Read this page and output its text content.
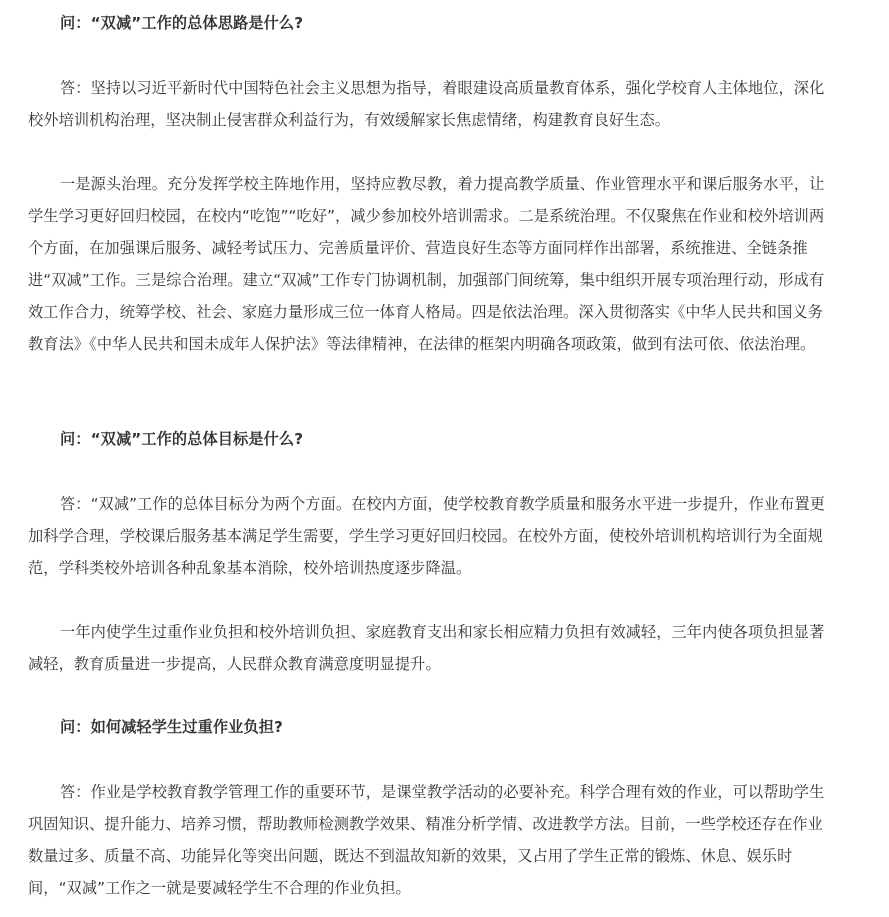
问：“双减”工作的总体思路是什么?

答：坚持以习近平新时代中国特色社会主义思想为指导，着眼建设高质量教育体系，强化学校育人主体地位，深化校外培训机构治理，坚决制止侵害群众利益行为，有效缓解家长焦虑情绪，构建教育良好生态。

一是源头治理。充分发挥学校主阵地作用，坚持应教尽教，着力提高教学质量、作业管理水平和课后服务水平，让学生学习更好回归校园，在校内“吃饱”“吃好”，减少参加校外培训需求。二是系统治理。不仅聚焦在作业和校外培训两个方面，在加强课后服务、减轻考试压力、完善质量评价、营造良好生态等方面同样作出部署，系统推进、全链条推进“双减”工作。三是综合治理。建立“双减”工作专门协调机制，加强部门间统筹，集中组织开展专项治理行动，形成有效工作合力，统筹学校、社会、家庭力量形成三位一体育人格局。四是依法治理。深入贯彻落实《中华人民共和国义务教育法》《中华人民共和国未成年人保护法》等法律精神，在法律的框架内明确各项政策，做到有法可依、依法治理。

问：“双减”工作的总体目标是什么?

答：“双减”工作的总体目标分为两个方面。在校内方面，使学校教育教学质量和服务水平进一步提升，作业布置更加科学合理，学校课后服务基本满足学生需要，学生学习更好回归校园。在校外方面，使校外培训机构培训行为全面规范，学科类校外培训各种乱象基本消除，校外培训热度逐步降温。

一年内使学生过重作业负担和校外培训负担、家庭教育支出和家长相应精力负担有效减轻，三年内使各项负担显著减轻，教育质量进一步提高，人民群众教育满意度明显提升。

问：如何减轻学生过重作业负担?

答：作业是学校教育教学管理工作的重要环节，是课堂教学活动的必要补充。科学合理有效的作业，可以帮助学生巩固知识、提升能力、培养习惯，帮助教师检测教学效果、精准分析学情、改进教学方法。目前，一些学校还存在作业数量过多、质量不高、功能异化等突出问题，既达不到温故知新的效果，又占用了学生正常的锻炼、休息、娱乐时间，“双减”工作之一就是要减轻学生不合理的作业负担。
